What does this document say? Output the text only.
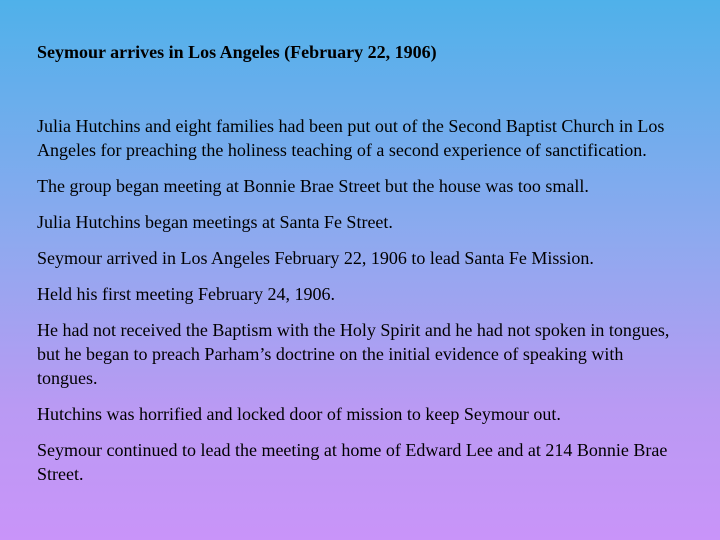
Seymour arrives in Los Angeles (February 22, 1906)
Julia Hutchins and eight families had been put out of the Second Baptist Church in Los Angeles for preaching the holiness teaching of a second experience of sanctification.
The group began meeting at Bonnie Brae Street but the house was too small.
Julia Hutchins began meetings at Santa Fe Street.
Seymour arrived in Los Angeles February 22, 1906 to lead Santa Fe Mission.
Held his first meeting February 24, 1906.
He had not received the Baptism with the Holy Spirit and he had not spoken in tongues, but he began to preach Parham’s doctrine on the initial evidence of speaking with tongues.
Hutchins was horrified and locked door of mission to keep Seymour out.
Seymour continued to lead the meeting at home of Edward Lee and at 214 Bonnie Brae Street.
